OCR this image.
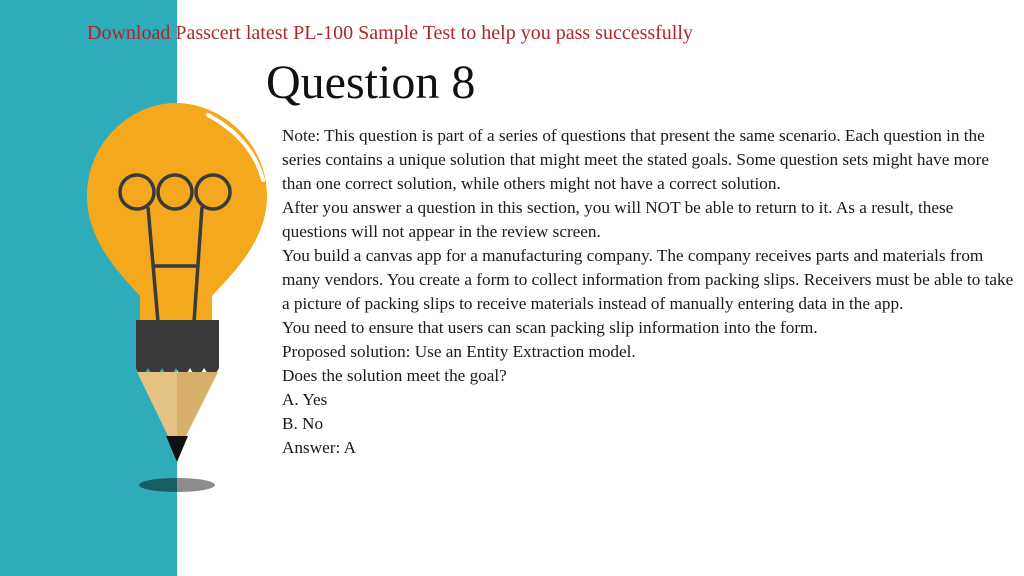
Download Passcert latest PL-100 Sample Test to help you pass successfully
Question 8

Note: This question is part of a series of questions that present the same scenario. Each question in the series contains a unique solution that might meet the stated goals. Some question sets might have more than one correct solution, while others might not have a correct solution.

After you answer a question in this section, you will NOT be able to return to it. As a result, these questions will not appear in the review screen.

You build a canvas app for a manufacturing company. The company receives parts and materials from many vendors. You create a form to collect information from packing slips. Receivers must be able to take a picture of packing slips to receive materials instead of manually entering data in the app.

You need to ensure that users can scan packing slip information into the form.

Proposed solution: Use an Entity Extraction model.

Does the solution meet the goal?

A. Yes

B. No

Answer: A
